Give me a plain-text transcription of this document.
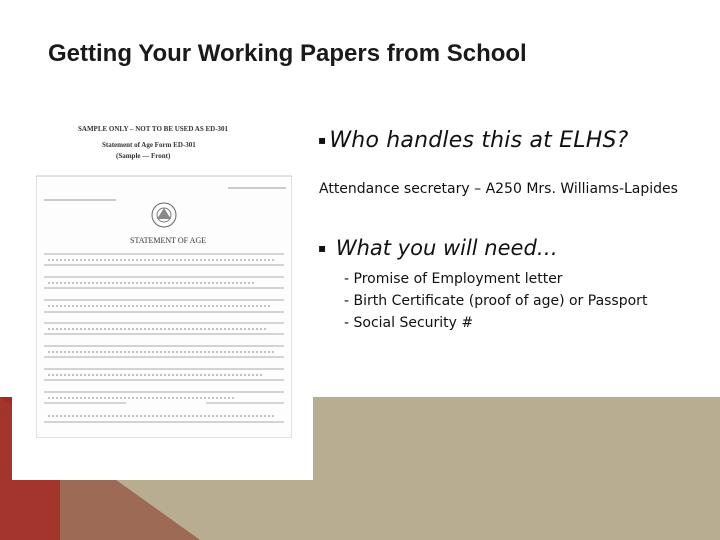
SAMPLE ONLY – NOT TO BE USED AS ED-301
Statement of Age Form ED-301
(Sample — Front)
STATEMENT OF AGE
Getting Your Working Papers from School
▪ Who handles this at ELHS?
Attendance secretary – A250 Mrs. Williams-Lapides
▪ What you will need…
- Promise of Employment letter
- Birth Certificate (proof of age) or Passport
- Social Security #
